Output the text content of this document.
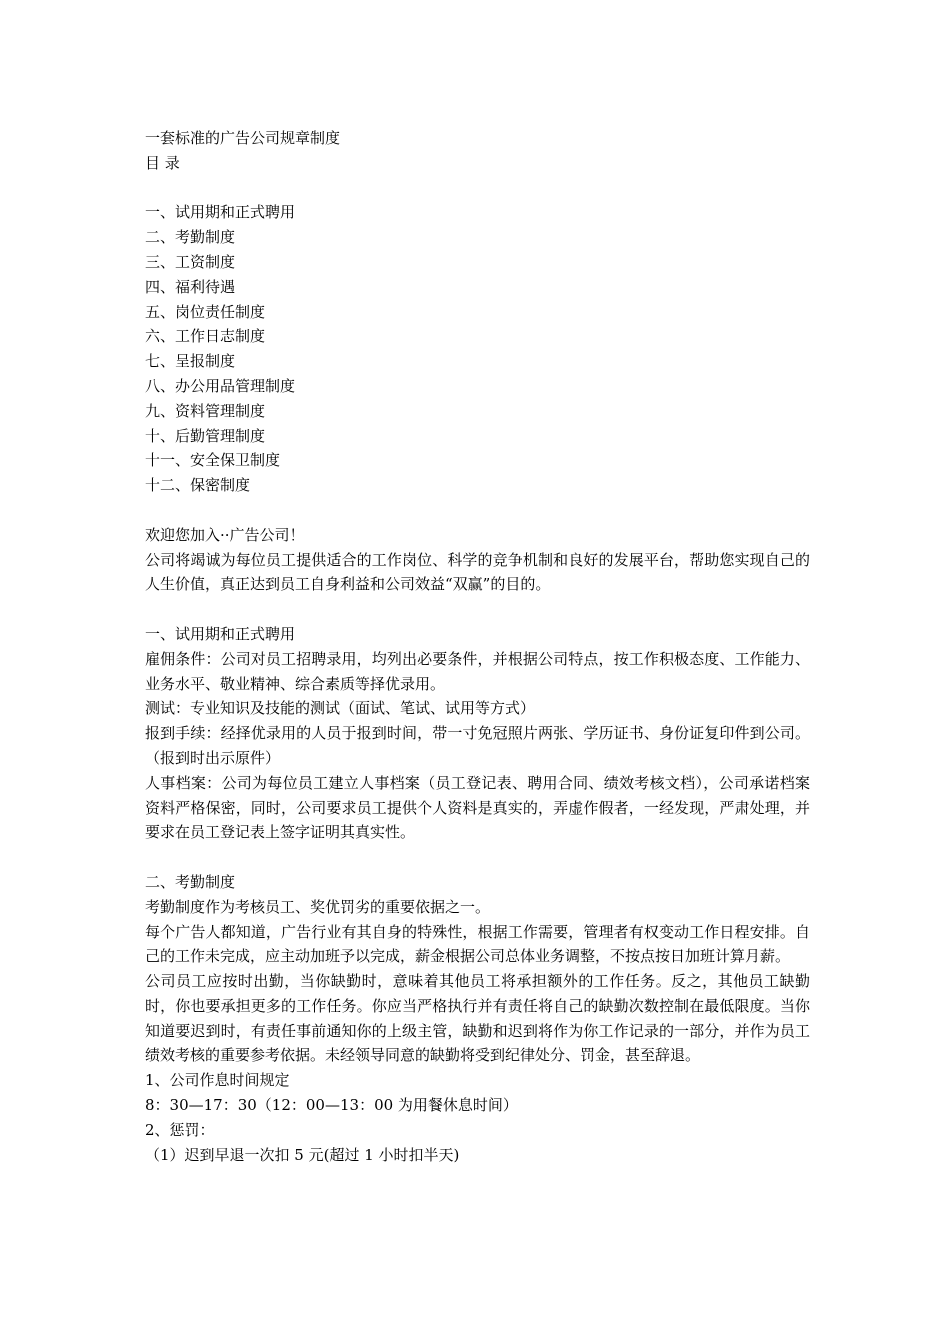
一套标准的广告公司规章制度
目 录
一、试用期和正式聘用
二、考勤制度
三、工资制度
四、福利待遇
五、岗位责任制度
六、工作日志制度
七、呈报制度
八、办公用品管理制度
九、资料管理制度
十、后勤管理制度
十一、安全保卫制度
十二、保密制度
欢迎您加入··广告公司！
公司将竭诚为每位员工提供适合的工作岗位、科学的竞争机制和良好的发展平台，帮助您实现自己的人生价值，真正达到员工自身利益和公司效益“双赢”的目的。
一、试用期和正式聘用
雇佣条件：公司对员工招聘录用，均列出必要条件，并根据公司特点，按工作积极态度、工作能力、业务水平、敬业精神、综合素质等择优录用。
测试：专业知识及技能的测试（面试、笔试、试用等方式）
报到手续：经择优录用的人员于报到时间，带一寸免冠照片两张、学历证书、身份证复印件到公司。（报到时出示原件）
人事档案：公司为每位员工建立人事档案（员工登记表、聘用合同、绩效考核文档），公司承诺档案资料严格保密，同时，公司要求员工提供个人资料是真实的，弄虚作假者，一经发现，严肃处理，并要求在员工登记表上签字证明其真实性。
二、考勤制度
考勤制度作为考核员工、奖优罚劣的重要依据之一。
每个广告人都知道，广告行业有其自身的特殊性，根据工作需要，管理者有权变动工作日程安排。自己的工作未完成，应主动加班予以完成，薪金根据公司总体业务调整，不按点按日加班计算月薪。
公司员工应按时出勤，当你缺勤时，意味着其他员工将承担额外的工作任务。反之，其他员工缺勤时，你也要承担更多的工作任务。你应当严格执行并有责任将自己的缺勤次数控制在最低限度。当你知道要迟到时，有责任事前通知你的上级主管，缺勤和迟到将作为你工作记录的一部分，并作为员工绩效考核的重要参考依据。未经领导同意的缺勤将受到纪律处分、罚金，甚至辞退。
1、公司作息时间规定
8：30—17：30（12：00—13：00 为用餐休息时间）
2、惩罚：
（1）迟到早退一次扣 5 元(超过 1 小时扣半天)
